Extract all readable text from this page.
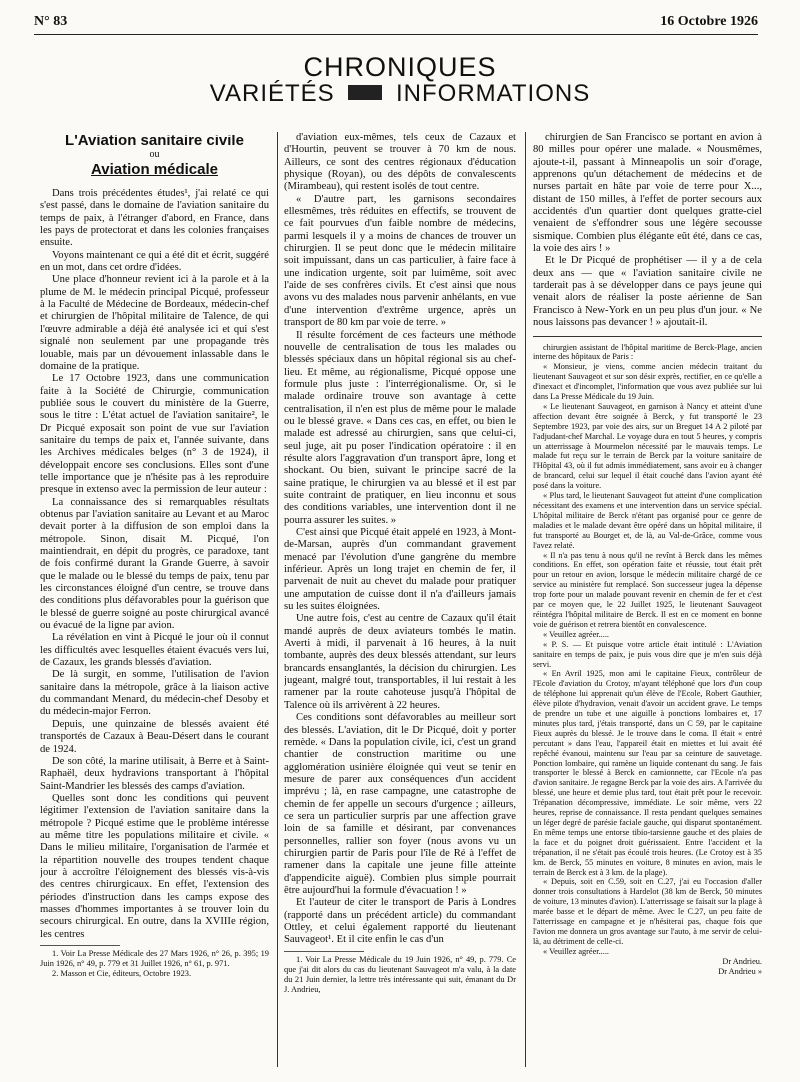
N° 83	16 Octobre 1926
CHRONIQUES
VARIÉTÉS	INFORMATIONS
L'Aviation sanitaire civile
ou
Aviation médicale

Dans trois précédentes études¹, j'ai relaté ce qui s'est passé, dans le domaine de l'aviation sanitaire du temps de paix, à l'étranger d'abord, en France, dans les pays de protectorat et dans les colonies françaises ensuite.

Voyons maintenant ce qui a été dit et écrit, suggéré en un mot, dans cet ordre d'idées.

Une place d'honneur revient ici à la parole et à la plume de M. le médecin principal Picqué, professeur à la Faculté de Médecine de Bordeaux, médecin-chef et chirurgien de l'hôpital militaire de Talence, de qui l'œuvre admirable a déjà été analysée ici et qui s'est signalé non seulement par une propagande très louable, mais par un dévouement inlassable dans le domaine de la pratique.

Le 17 Octobre 1923, dans une communication faite à la Société de Chirurgie, communication publiée sous le couvert du ministère de la Guerre, sous le titre : L'état actuel de l'aviation sanitaire², le Dr Picqué exposait son point de vue sur l'aviation sanitaire du temps de paix et, l'année suivante, dans les Archives médicales belges (n° 3 de 1924), il développait encore ses conclusions. Elles sont d'une telle importance que je n'hésite pas à les reproduire presque in extenso avec la permission de leur auteur :

La connaissance des si remarquables résultats obtenus par l'aviation sanitaire au Levant et au Maroc devait porter à la diffusion de son emploi dans la métropole. Sinon, disait M. Picqué, l'on maintiendrait, en dépit du progrès, ce paradoxe, tant de fois confirmé durant la Grande Guerre, à savoir que le malade ou le blessé du temps de paix, tenu par les circonstances éloigné d'un centre, se trouve dans des conditions plus défavorables pour la guérison que le blessé de guerre soigné au poste chirurgical avancé ou évacué de la ligne par avion.

La révélation en vint à Picqué le jour où il connut les difficultés avec lesquelles étaient évacués vers lui, de Cazaux, les grands blessés d'aviation.

De là surgit, en somme, l'utilisation de l'avion sanitaire dans la métropole, grâce à la liaison active du commandant Menard, du médecin-chef Desoby et du médecin-major Ferron.

Depuis, une quinzaine de blessés avaient été transportés de Cazaux à Beau-Désert dans le courant de 1924.

De son côté, la marine utilisait, à Berre et à Saint-Raphaël, deux hydravions transportant à l'hôpital Saint-Mandrier les blessés des camps d'aviation.

Quelles sont donc les conditions qui peuvent légitimer l'extension de l'aviation sanitaire dans la métropole ? Picqué estime que le problème intéresse au même titre les populations militaire et civile. « Dans le milieu militaire, l'organisation de l'armée et la répartition nouvelle des troupes tendent chaque jour à accroître l'éloignement des blessés vis-à-vis des centres chirurgicaux. En effet, l'extension des périodes d'instruction dans les camps expose des masses d'hommes importantes à se trouver loin du secours chirurgical. En outre, dans la XVIIIe région, les centres

1. Voir La Presse Médicale des 27 Mars 1926, n° 26, p. 395; 19 Juin 1926, n° 49, p. 779 et 31 Juillet 1926, n° 61, p. 971.

2. Masson et Cie, éditeurs, Octobre 1923.

d'aviation eux-mêmes, tels ceux de Cazaux et d'Hourtin, peuvent se trouver à 70 km de nous. Ailleurs, ce sont des centres régionaux d'éducation physique (Royan), ou des dépôts de convalescents (Mirambeau), qui restent isolés de tout centre.

« D'autre part, les garnisons secondaires ellesmêmes, très réduites en effectifs, se trouvent de ce fait pourvues d'un faible nombre de médecins, parmi lesquels il y a moins de chances de trouver un chirurgien. Il se peut donc que le médecin militaire soit impuissant, dans un cas particulier, à faire face à une indication urgente, soit par luimême, soit avec l'aide de ses confrères civils. Et c'est ainsi que nous avons vu des malades nous parvenir anhélants, en vue d'une intervention d'extrême urgence, après un transport de 80 km par voie de terre. »

Il résulte forcément de ces facteurs une méthode nouvelle de centralisation de tous les malades ou blessés spéciaux dans un hôpital régional sis au chef-lieu. Et même, au régionalisme, Picqué oppose une formule plus juste : l'interrégionalisme. Or, si le malade ordinaire trouve son avantage à cette centralisation, il n'en est plus de même pour le malade ou le blessé grave. « Dans ces cas, en effet, ou bien le malade est adressé au chirurgien, sans que celui-ci, seul juge, ait pu poser l'indication opératoire : il en résulte alors l'aggravation d'un transport âpre, long et shockant. Ou bien, suivant le principe sacré de la saine pratique, le chirurgien va au blessé et il est par suite contraint de pratiquer, en lieu inconnu et sous des conditions variables, une intervention dont il ne pourra assurer les suites. »

C'est ainsi que Picqué était appelé en 1923, à Mont-de-Marsan, auprès d'un commandant gravement menacé par l'évolution d'une gangrène du membre inférieur. Après un long trajet en chemin de fer, il parvenait de nuit au chevet du malade pour pratiquer une amputation de cuisse dont il n'a d'ailleurs jamais su les suites éloignées.

Une autre fois, c'est au centre de Cazaux qu'il était mandé auprès de deux aviateurs tombés le matin. Averti à midi, il parvenait à 16 heures, à la nuit tombante, auprès des deux blessés attendant, sur leurs brancards ensanglantés, la décision du chirurgien. Les jugeant, malgré tout, transportables, il lui restait à les ramener par la route cahoteuse jusqu'à l'hôpital de Talence où ils arrivèrent à 22 heures.

Ces conditions sont défavorables au meilleur sort des blessés. L'aviation, dit le Dr Picqué, doit y porter remède. « Dans la population civile, ici, c'est un grand chantier de construction maritime ou une agglomération usinière éloignée qui veut se tenir en mesure de parer aux conséquences d'un accident imprévu ; là, en rase campagne, une catastrophe de chemin de fer appelle un secours d'urgence ; ailleurs, ce sera un particulier surpris par une affection grave loin de sa famille et désirant, par convenances personnelles, rallier son foyer (nous avons vu un chirurgien partir de Paris pour l'île de Ré à l'effet de ramener dans la capitale une jeune fille atteinte d'appendicite aiguë). Combien plus simple pourrait être aujourd'hui la formule d'évacuation ! »

Et l'auteur de citer le transport de Paris à Londres (rapporté dans un précédent article) du commandant Ottley, et celui également rapporté du lieutenant Sauvageot¹. Et il cite enfin le cas d'un

1. Voir La Presse Médicale du 19 Juin 1926, n° 49, p. 779. Ce que j'ai dit alors du cas du lieutenant Sauvageot m'a valu, à la date du 21 Juin dernier, la lettre très intéressante qui suit, émanant du Dr J. Andrieu,

chirurgien de San Francisco se portant en avion à 80 milles pour opérer une malade. « Nousmêmes, ajoute-t-il, passant à Minneapolis un soir d'orage, apprenons qu'un détachement de médecins et de nurses partait en hâte par voie de terre pour X..., distant de 150 milles, à l'effet de porter secours aux accidentés d'un quartier dont quelques gratte-ciel venaient de s'effondrer sous une légère secousse sismique. Combien plus élégante eût été, dans ce cas, la voie des airs ! »

Et le Dr Picqué de prophétiser — il y a de cela deux ans — que « l'aviation sanitaire civile ne tarderait pas à se développer dans ce pays jeune qui venait alors de réaliser la poste aérienne de San Francisco à New-York en un peu plus d'un jour. « Ne nous laissons pas devancer ! » ajoutait-il.

chirurgien assistant de l'hôpital maritime de Berck-Plage, ancien interne des hôpitaux de Paris :

« Monsieur, je viens, comme ancien médecin traitant du lieutenant Sauvageot et sur son désir exprès, rectifier, en ce qu'elle a d'inexact et d'incomplet, l'information que vous avez publiée sur lui dans La Presse Médicale du 19 Juin.

« Le lieutenant Sauvageot, en garnison à Nancy et atteint d'une affection devant être soignée à Berck, y fut transporté le 23 Septembre 1923, par voie des airs, sur un Breguet 14 A 2 piloté par l'adjudant-chef Marchal. Le voyage dura en tout 5 heures, y compris un atterrissage à Mourmelon nécessité par le mauvais temps. Le malade fut reçu sur le terrain de Berck par la voiture sanitaire de l'Hôpital 43, où il fut admis immédiatement, sans avoir eu à changer de brancard, celui sur lequel il était couché dans l'avion ayant été posé dans la voiture.

« Plus tard, le lieutenant Sauvageot fut atteint d'une complication nécessitant des examens et une intervention dans un service spécial. L'hôpital militaire de Berck n'étant pas organisé pour ce genre de maladies et le malade devant être opéré dans un hôpital militaire, il fut transporté au Bourget et, de là, au Val-de-Grâce, comme vous l'avez relaté.

« Il n'a pas tenu à nous qu'il ne revînt à Berck dans les mêmes conditions. En effet, son opération faite et réussie, tout était prêt pour un retour en avion, lorsque le médecin militaire chargé de ce service au ministère fut remplacé. Son successeur jugea la dépense trop forte pour un malade pouvant revenir en chemin de fer et c'est par ce moyen que, le 22 Juillet 1925, le lieutenant Sauvageot réintégra l'hôpital militaire de Berck. Il est en ce moment en bonne voie de guérison et retrera bientôt en convalescence.

« Veuillez agréer.....

« P. S. — Et puisque votre article était intitulé : L'Aviation sanitaire en temps de paix, je puis vous dire que je m'en suis déjà servi.

« En Avril 1925, mon ami le capitaine Fieux, contrôleur de l'Ecole d'aviation du Crotoy, m'ayant téléphoné que lors d'un coup de téléphone lui apprenait qu'un élève de l'Ecole, Robert Gauthier, élève pilote d'hydravion, venait d'avoir un accident grave. Le temps de prendre un tube et une aiguille à ponctions lombaires et, 17 minutes plus tard, j'étais transporté, dans un C 59, par le capitaine Fieux auprès du blessé. Je le trouve dans le coma. Il était « entré percutant » dans l'eau, l'appareil était en miettes et lui avait été repêché évanoui, maintenu sur l'eau par sa ceinture de sauvetage. Ponction lombaire, qui ramène un liquide contenant du sang. Je fais transporter le blessé à Berck en camionnette, car l'Ecole n'a pas d'avion sanitaire. Je regagne Berck par la voie des airs. A l'arrivée du blessé, une heure et demie plus tard, tout était prêt pour le recevoir. Trépanation décompressive, immédiate. Le soir même, vers 22 heures, reprise de connaissance. Il resta pendant quelques semaines un léger degré de parésie faciale gauche, qui disparut spontanément. En même temps une entorse tibio-tarsienne gauche et des plaies de la face et du poignet droit guérissaient. Entre l'accident et la trépanation, il ne s'était pas écoulé trois heures. (Le Crotoy est à 35 km. de Berck, 55 minutes en voiture, 8 minutes en avion, mais le terrain de Berck est à 3 km. de la plage).

« Depuis, soit en C.59, soit en C.27, j'ai eu l'occasion d'aller donner trois consultations à Hardelot (38 km de Berck, 50 minutes de voiture, 13 minutes d'avion). L'atterrissage se faisait sur la plage à marée basse et le départ de même. Avec le C.27, un peu faite de l'atterrissage en campagne et je n'hésiterai pas, chaque fois que l'avion me donnera un gros avantage sur l'auto, à me servir de celui-là, au détriment de celle-ci.

« Veuillez agréer.....

Dr Andrieu.

Dr Andrieu »
